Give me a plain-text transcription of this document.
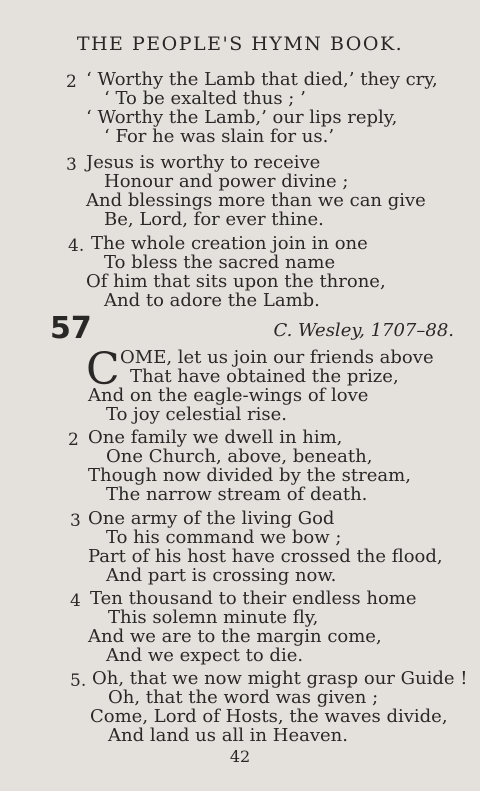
THE PEOPLE'S HYMN BOOK.
2 ‘ Worthy the Lamb that died,’ they cry,
‘ To be exalted thus ; ’
‘ Worthy the Lamb,’ our lips reply,
‘ For he was slain for us.’
3 Jesus is worthy to receive
Honour and power divine ;
And blessings more than we can give
Be, Lord, for ever thine.
4. The whole creation join in one
To bless the sacred name
Of him that sits upon the throne,
And to adore the Lamb.
57	C. Wesley, 1707–88.
C OME, let us join our friends above
That have obtained the prize,
And on the eagle-wings of love
To joy celestial rise.
2 One family we dwell in him,
One Church, above, beneath,
Though now divided by the stream,
The narrow stream of death.
3 One army of the living God
To his command we bow ;
Part of his host have crossed the flood,
And part is crossing now.
4 Ten thousand to their endless home
This solemn minute fly,
And we are to the margin come,
And we expect to die.
5. Oh, that we now might grasp our Guide !
Oh, that the word was given ;
Come, Lord of Hosts, the waves divide,
And land us all in Heaven.
42
